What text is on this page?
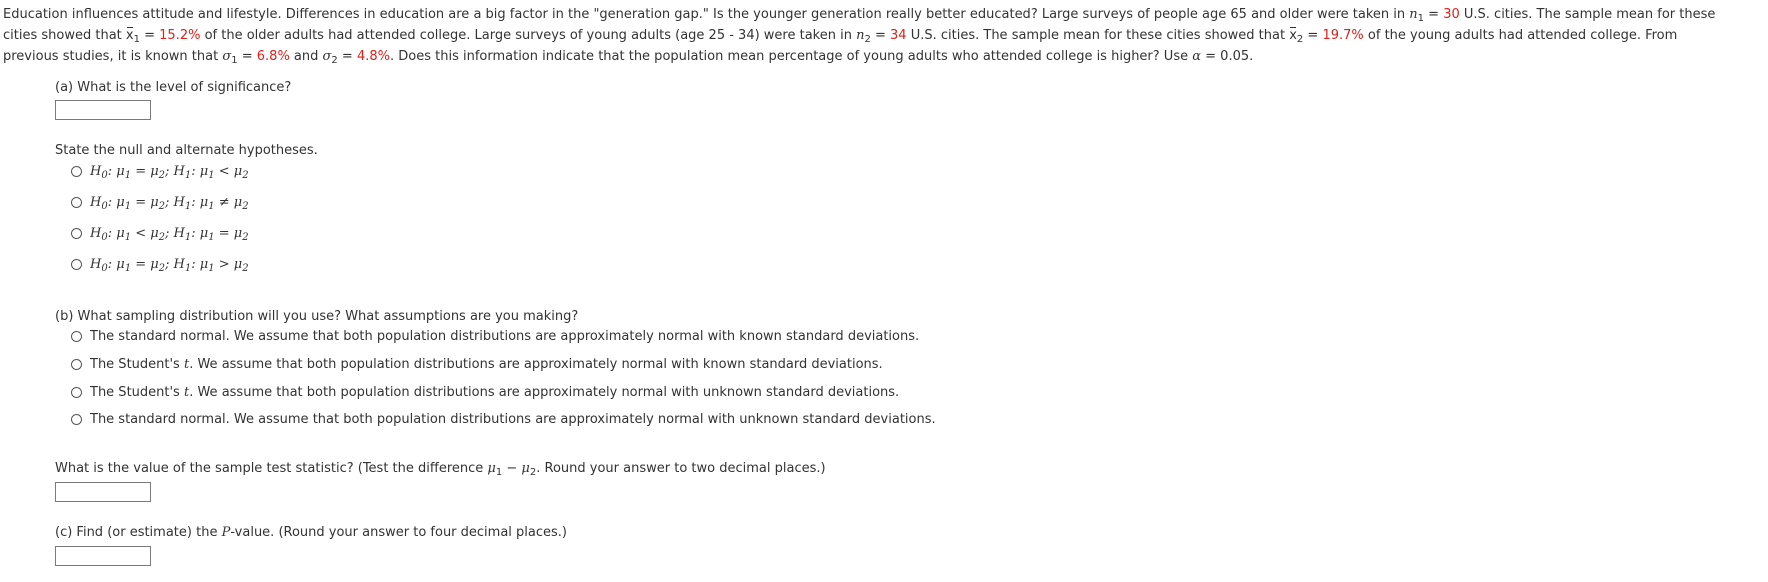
Education influences attitude and lifestyle. Differences in education are a big factor in the "generation gap." Is the younger generation really better educated? Large surveys of people age 65 and older were taken in $n_1 = 30$ U.S. cities. The sample mean for these
cities showed that $x_1 = 15.2\%$ of the older adults had attended college. Large surveys of young adults (age 25 - 34) were taken in $n_2 = 34$ U.S. cities. The sample mean for these cities showed that $x_2 = 19.7\%$ of the young adults had attended college. From
previous studies, it is known that $\sigma_1 = 6.8\%$ and $\sigma_2 = 4.8\%$. Does this information indicate that the population mean percentage of young adults who attended college is higher? Use α = 0.05.
(a) What is the level of significance?
State the null and alternate hypotheses.
$H_0$: $\mu_1 = \mu_2$; $H_1$: $\mu_1 < \mu_2$
$H_0$: $\mu_1 = \mu_2$; $H_1$: $\mu_1 \ne \mu_2$
$H_0$: $\mu_1 < \mu_2$; $H_1$: $\mu_1 = \mu_2$
$H_0$: $\mu_1 = \mu_2$; $H_1$: $\mu_1 > \mu_2$
(b) What sampling distribution will you use? What assumptions are you making?
The standard normal. We assume that both population distributions are approximately normal with known standard deviations.
The Student's t. We assume that both population distributions are approximately normal with known standard deviations.
The Student's t. We assume that both population distributions are approximately normal with unknown standard deviations.
The standard normal. We assume that both population distributions are approximately normal with unknown standard deviations.
What is the value of the sample test statistic? (Test the difference $\mu_1 - \mu_2$. Round your answer to two decimal places.)
(c) Find (or estimate) the P-value. (Round your answer to four decimal places.)
